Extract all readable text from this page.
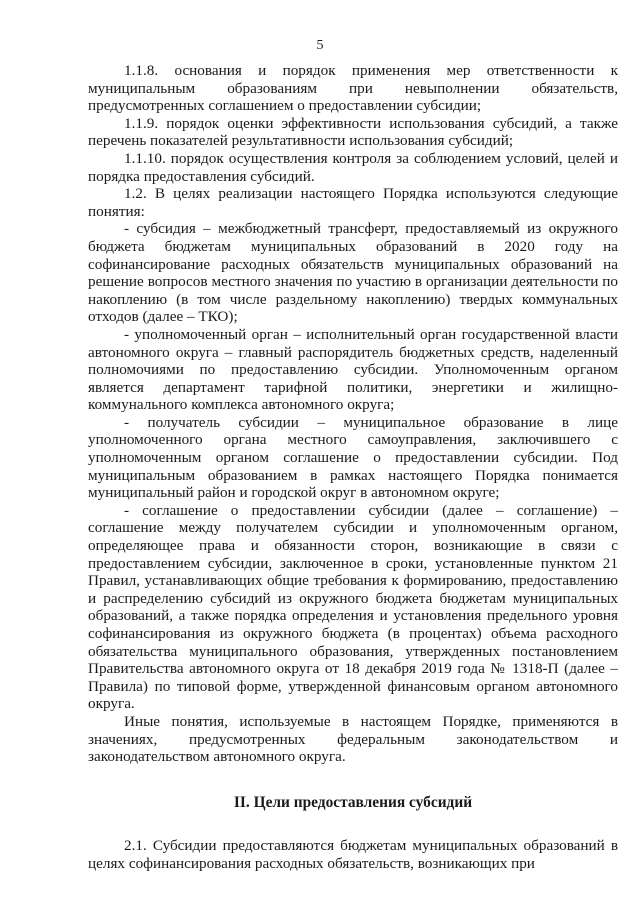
5

1.1.8. основания и порядок применения мер ответственности к муниципальным образованиям при невыполнении обязательств, предусмотренных соглашением о предоставлении субсидии;

1.1.9. порядок оценки эффективности использования субсидий, а также перечень показателей результативности использования субсидий;

1.1.10. порядок осуществления контроля за соблюдением условий, целей и порядка предоставления субсидий.

1.2. В целях реализации настоящего Порядка используются следующие понятия:

- субсидия – межбюджетный трансферт, предоставляемый из окружного бюджета бюджетам муниципальных образований в 2020 году на софинансирование расходных обязательств муниципальных образований на решение вопросов местного значения по участию в организации деятельности по накоплению (в том числе раздельному накоплению) твердых коммунальных отходов (далее – ТКО);

- уполномоченный орган – исполнительный орган государственной власти автономного округа – главный распорядитель бюджетных средств, наделенный полномочиями по предоставлению субсидии. Уполномоченным органом является департамент тарифной политики, энергетики и жилищно-коммунального комплекса автономного округа;

- получатель субсидии – муниципальное образование в лице уполномоченного органа местного самоуправления, заключившего с уполномоченным органом соглашение о предоставлении субсидии. Под муниципальным образованием в рамках настоящего Порядка понимается муниципальный район и городской округ в автономном округе;

- соглашение о предоставлении субсидии (далее – соглашение) – соглашение между получателем субсидии и уполномоченным органом, определяющее права и обязанности сторон, возникающие в связи с предоставлением субсидии, заключенное в сроки, установленные пунктом 21 Правил, устанавливающих общие требования к формированию, предоставлению и распределению субсидий из окружного бюджета бюджетам муниципальных образований, а также порядка определения и установления предельного уровня софинансирования из окружного бюджета (в процентах) объема расходного обязательства муниципального образования, утвержденных постановлением Правительства автономного округа от 18 декабря 2019 года № 1318-П (далее – Правила) по типовой форме, утвержденной финансовым органом автономного округа.

Иные понятия, используемые в настоящем Порядке, применяются в значениях, предусмотренных федеральным законодательством и законодательством автономного округа.

II. Цели предоставления субсидий

2.1. Субсидии предоставляются бюджетам муниципальных образований в целях софинансирования расходных обязательств, возникающих при
